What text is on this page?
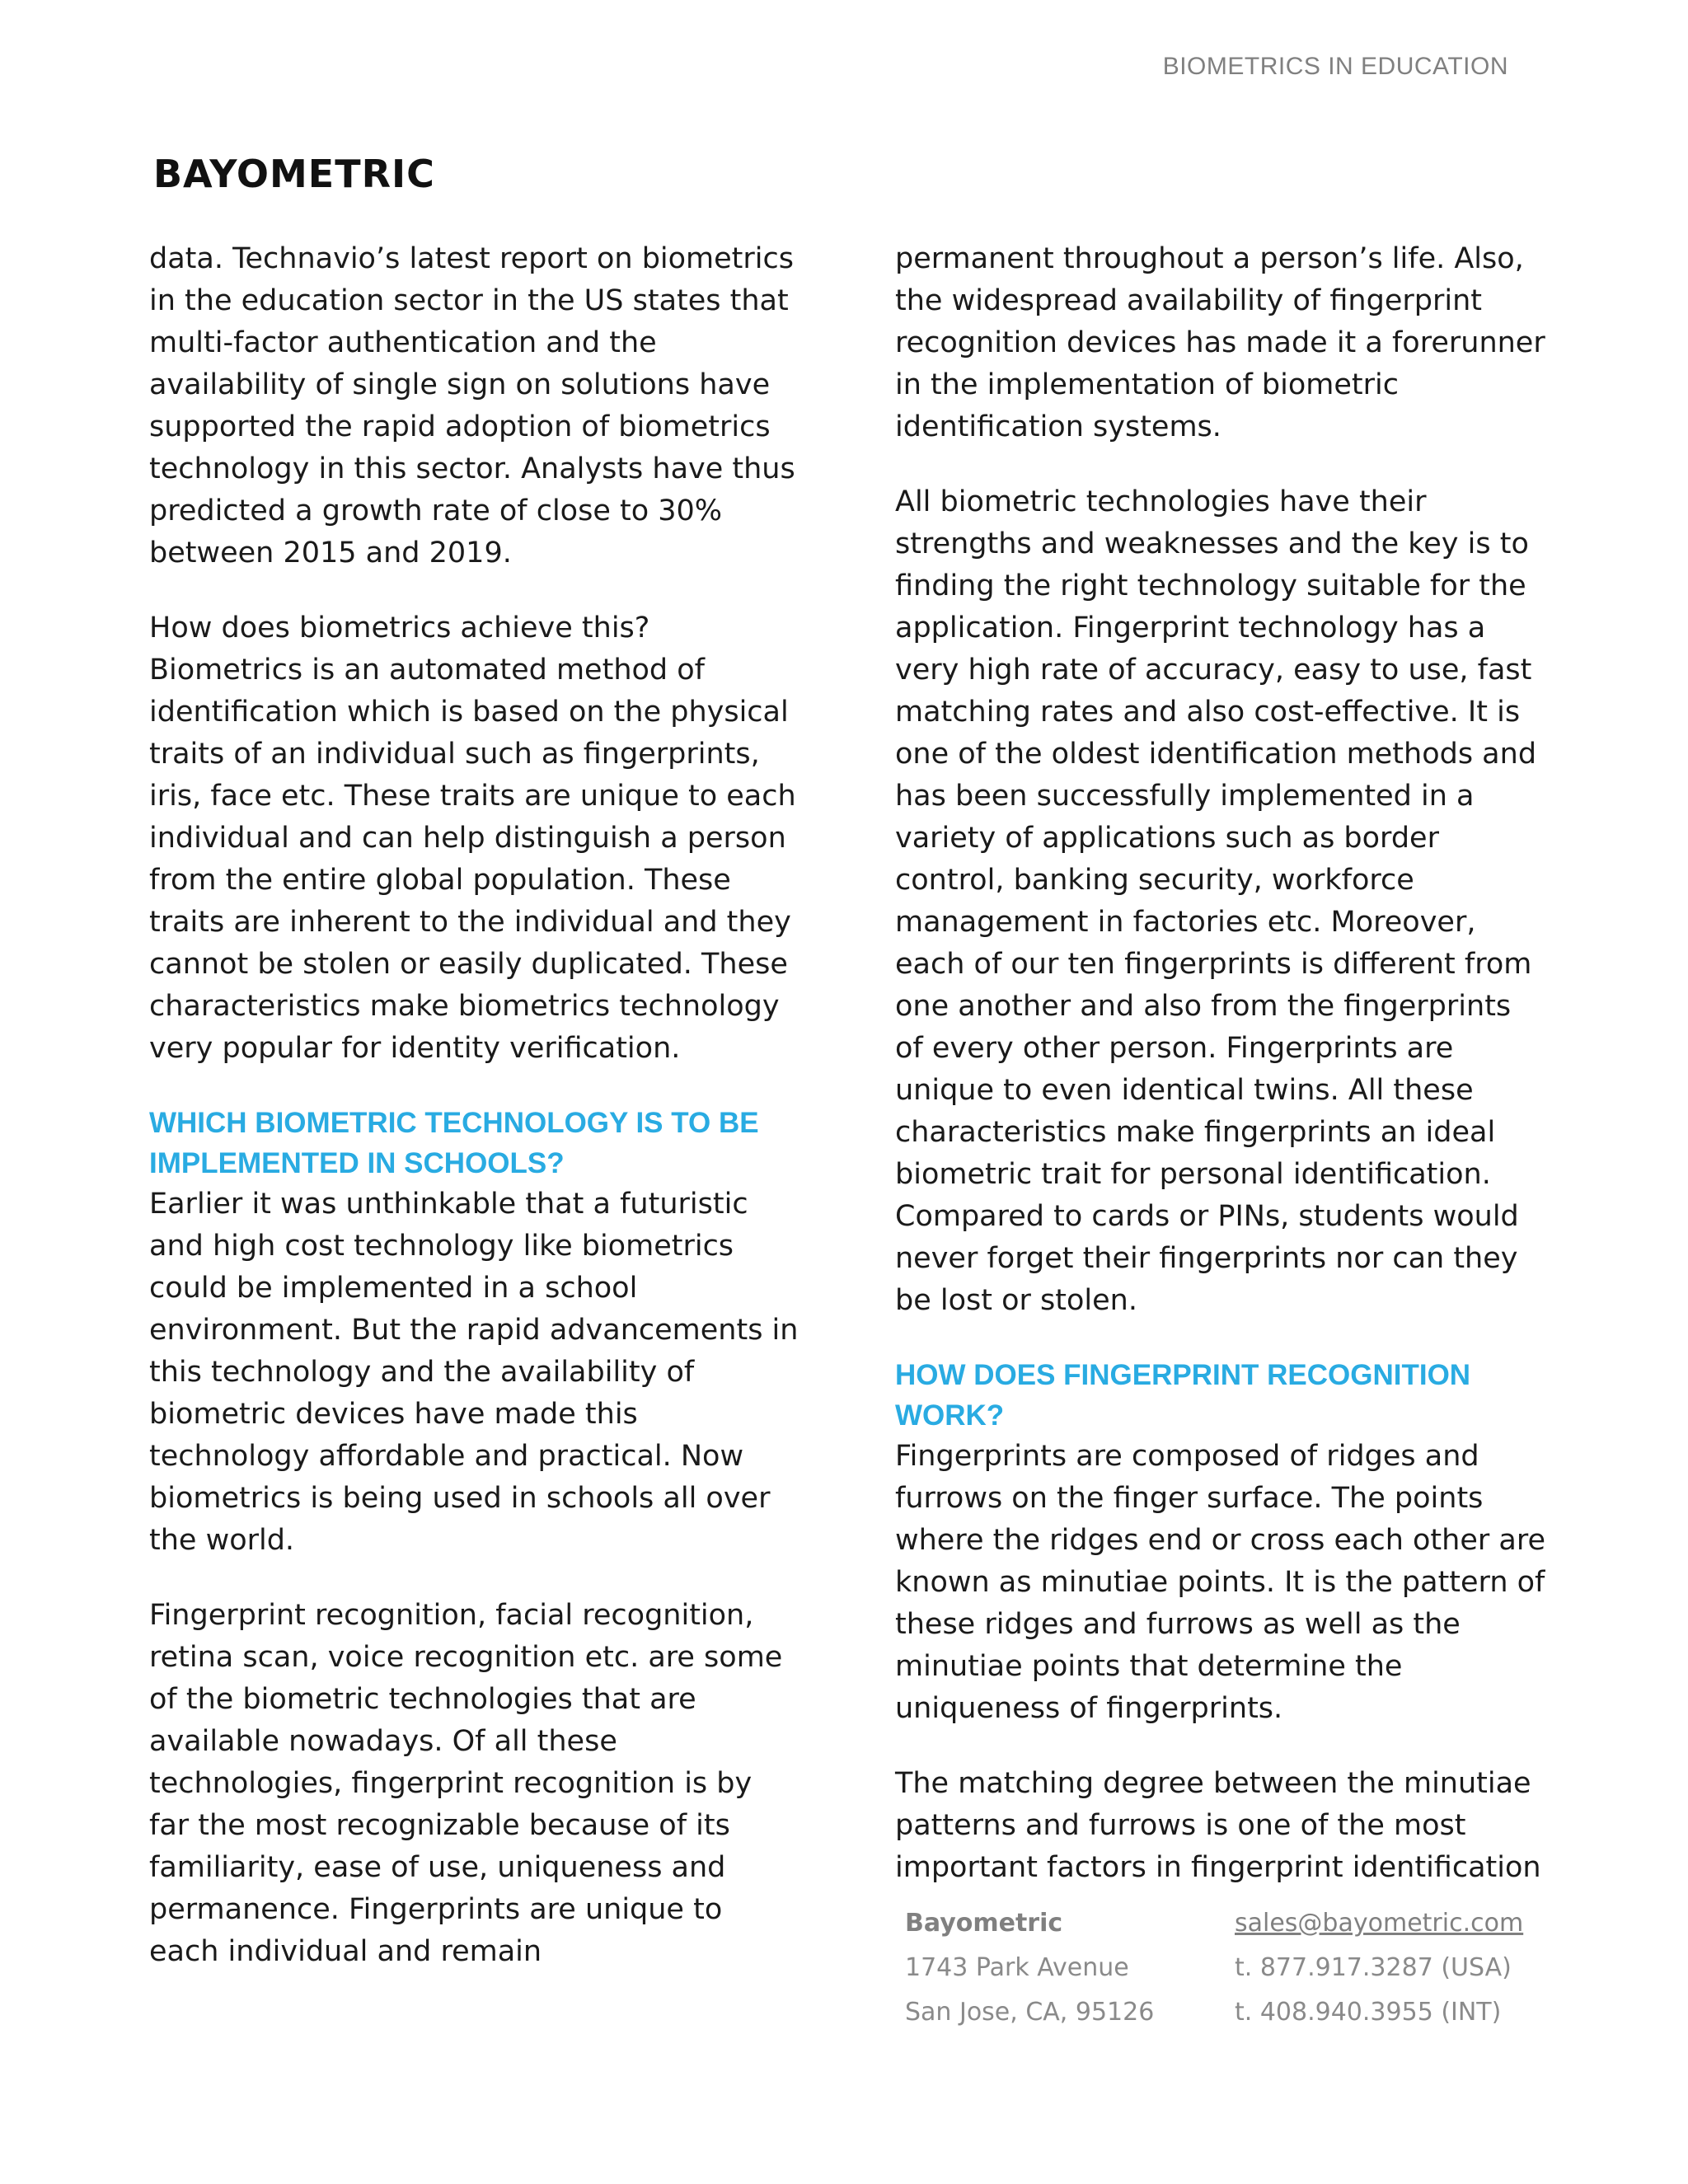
BIOMETRICS IN EDUCATION
BAYOMETRIC

data. Technavio’s latest report on biometrics in the education sector in the US states that multi-factor authentication and the availability of single sign on solutions have supported the rapid adoption of biometrics technology in this sector. Analysts have thus predicted a growth rate of close to 30% between 2015 and 2019.

How does biometrics achieve this? Biometrics is an automated method of identification which is based on the physical traits of an individual such as fingerprints, iris, face etc. These traits are unique to each individual and can help distinguish a person from the entire global population. These traits are inherent to the individual and they cannot be stolen or easily duplicated. These characteristics make biometrics technology very popular for identity verification.

WHICH BIOMETRIC TECHNOLOGY IS TO BE IMPLEMENTED IN SCHOOLS?

Earlier it was unthinkable that a futuristic and high cost technology like biometrics could be implemented in a school environment. But the rapid advancements in this technology and the availability of biometric devices have made this technology affordable and practical. Now biometrics is being used in schools all over the world.

Fingerprint recognition, facial recognition, retina scan, voice recognition etc. are some of the biometric technologies that are available nowadays. Of all these technologies, fingerprint recognition is by far the most recognizable because of its familiarity, ease of use, uniqueness and permanence. Fingerprints are unique to each individual and remain

permanent throughout a person’s life. Also, the widespread availability of fingerprint recognition devices has made it a forerunner in the implementation of biometric identification systems.

All biometric technologies have their strengths and weaknesses and the key is to finding the right technology suitable for the application. Fingerprint technology has a very high rate of accuracy, easy to use, fast matching rates and also cost-effective. It is one of the oldest identification methods and has been successfully implemented in a variety of applications such as border control, banking security, workforce management in factories etc. Moreover, each of our ten fingerprints is different from one another and also from the fingerprints of every other person. Fingerprints are unique to even identical twins. All these characteristics make fingerprints an ideal biometric trait for personal identification. Compared to cards or PINs, students would never forget their fingerprints nor can they be lost or stolen.

HOW DOES FINGERPRINT RECOGNITION WORK?

Fingerprints are composed of ridges and furrows on the finger surface. The points where the ridges end or cross each other are known as minutiae points. It is the pattern of these ridges and furrows as well as the minutiae points that determine the uniqueness of fingerprints.

The matching degree between the minutiae patterns and furrows is one of the most important factors in fingerprint identification

Bayometric
1743 Park Avenue
San Jose, CA, 95126
sales@bayometric.com
t. 877.917.3287 (USA)
t. 408.940.3955 (INT)
